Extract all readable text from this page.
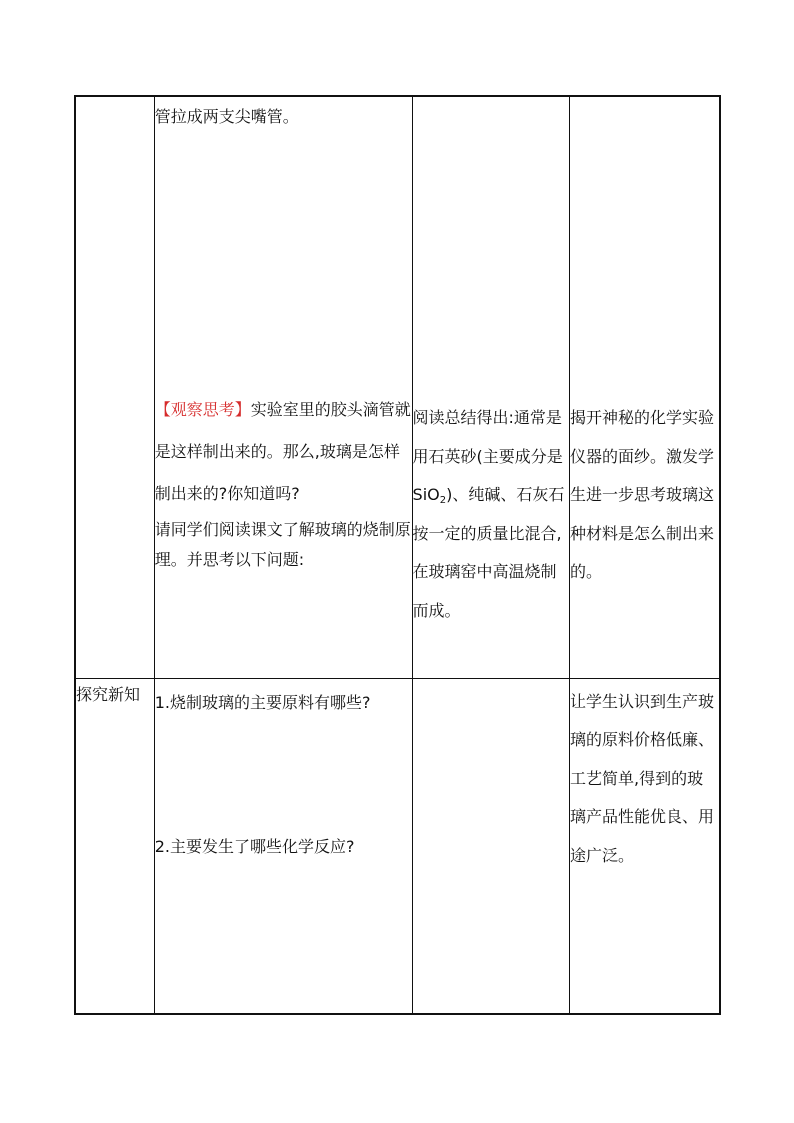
	管拉成两支尖嘴管。
【观察思考】实验室里的胶头滴管就是这样制出来的。那么,玻璃是怎样制出来的?你知道吗?
请同学们阅读课文了解玻璃的烧制原理。并思考以下问题:	阅读总结得出:通常是用石英砂(主要成分是SiO$_2$)、纯碱、石灰石按一定的质量比混合,在玻璃窑中高温烧制而成。	揭开神秘的化学实验仪器的面纱。激发学生进一步思考玻璃这种材料是怎么制出来的。

探究新知	1.烧制玻璃的主要原料有哪些?
2.主要发生了哪些化学反应?		让学生认识到生产玻璃的原料价格低廉、工艺简单,得到的玻璃产品性能优良、用途广泛。
